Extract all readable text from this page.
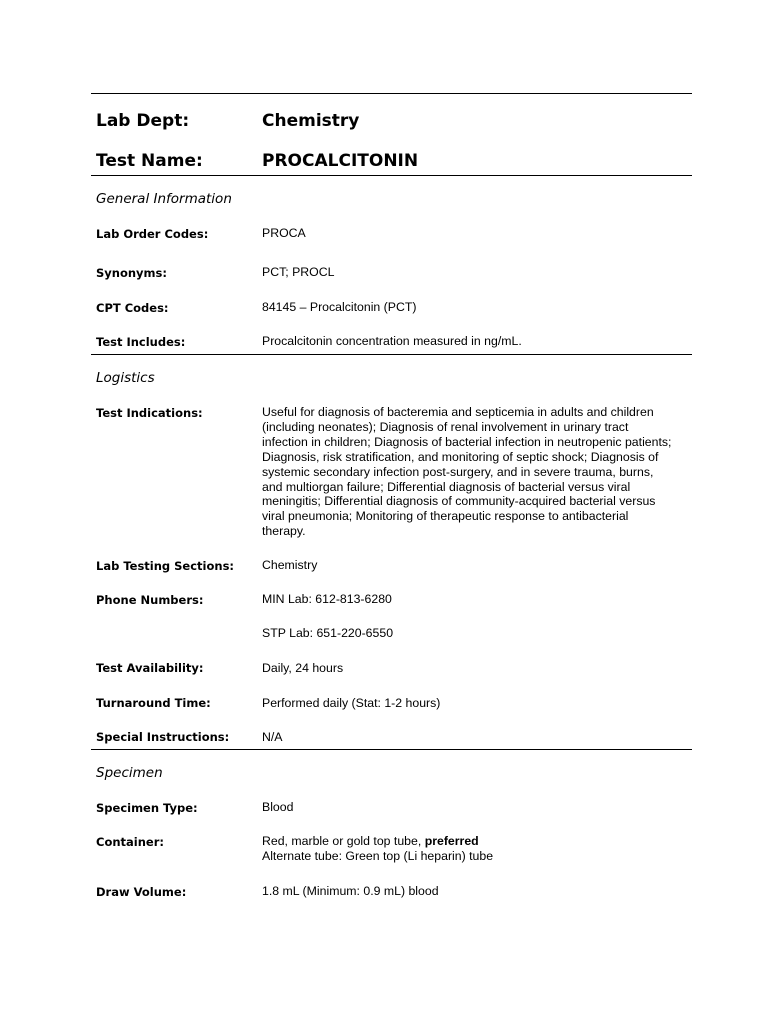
Lab Dept:	Chemistry
Test Name:	PROCALCITONIN
General Information
Lab Order Codes:	PROCA
Synonyms:	PCT; PROCL
CPT Codes:	84145 – Procalcitonin (PCT)
Test Includes:	Procalcitonin concentration measured in ng/mL.
Logistics
Test Indications:	Useful for diagnosis of bacteremia and septicemia in adults and children
(including neonates); Diagnosis of renal involvement in urinary tract
infection in children; Diagnosis of bacterial infection in neutropenic patients;
Diagnosis, risk stratification, and monitoring of septic shock; Diagnosis of
systemic secondary infection post-surgery, and in severe trauma, burns,
and multiorgan failure; Differential diagnosis of bacterial versus viral
meningitis; Differential diagnosis of community-acquired bacterial versus
viral pneumonia; Monitoring of therapeutic response to antibacterial
therapy.
Lab Testing Sections: Chemistry
Phone Numbers:	MIN Lab: 612-813-6280
STP Lab: 651-220-6550
Test Availability:	Daily, 24 hours
Turnaround Time:	Performed daily (Stat: 1-2 hours)
Special Instructions:	N/A
Specimen
Specimen Type:	Blood
Container:	Red, marble or gold top tube, preferred
Alternate tube: Green top (Li heparin) tube
Draw Volume:	1.8 mL (Minimum: 0.9 mL) blood
